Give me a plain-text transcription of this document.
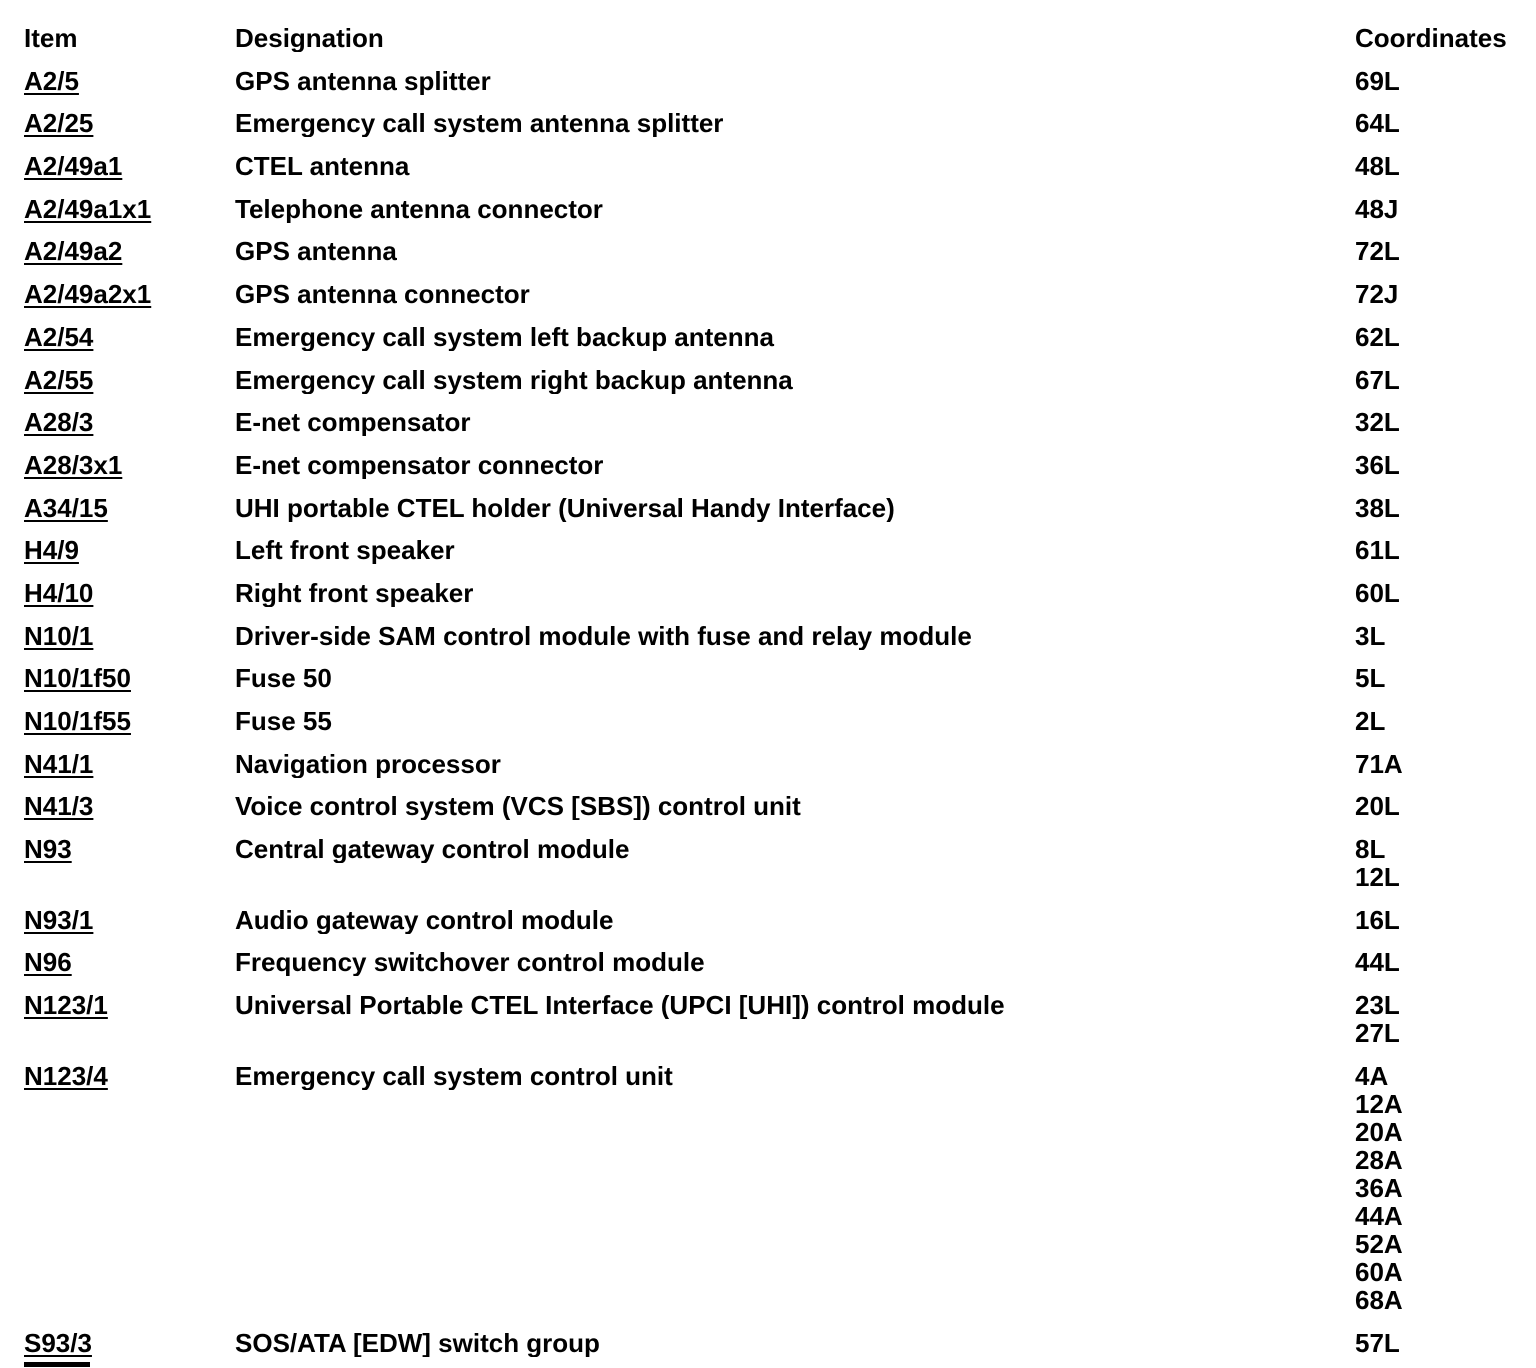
Item	Designation	Coordinates
A2/5	GPS antenna splitter	69L
A2/25	Emergency call system antenna splitter	64L
A2/49a1	CTEL antenna	48L
A2/49a1x1	Telephone antenna connector	48J
A2/49a2	GPS antenna	72L
A2/49a2x1	GPS antenna connector	72J
A2/54	Emergency call system left backup antenna	62L
A2/55	Emergency call system right backup antenna	67L
A28/3	E-net compensator	32L
A28/3x1	E-net compensator connector	36L
A34/15	UHI portable CTEL holder (Universal Handy Interface)	38L
H4/9	Left front speaker	61L
H4/10	Right front speaker	60L
N10/1	Driver-side SAM control module with fuse and relay module	3L
N10/1f50	Fuse 50	5L
N10/1f55	Fuse 55	2L
N41/1	Navigation processor	71A
N41/3	Voice control system (VCS [SBS]) control unit	20L
N93	Central gateway control module	8L
12L
N93/1	Audio gateway control module	16L
N96	Frequency switchover control module	44L
N123/1	Universal Portable CTEL Interface (UPCI [UHI]) control module	23L
27L
N123/4	Emergency call system control unit	4A
12A
20A
28A
36A
44A
52A
60A
68A
S93/3	SOS/ATA [EDW] switch group	57L
